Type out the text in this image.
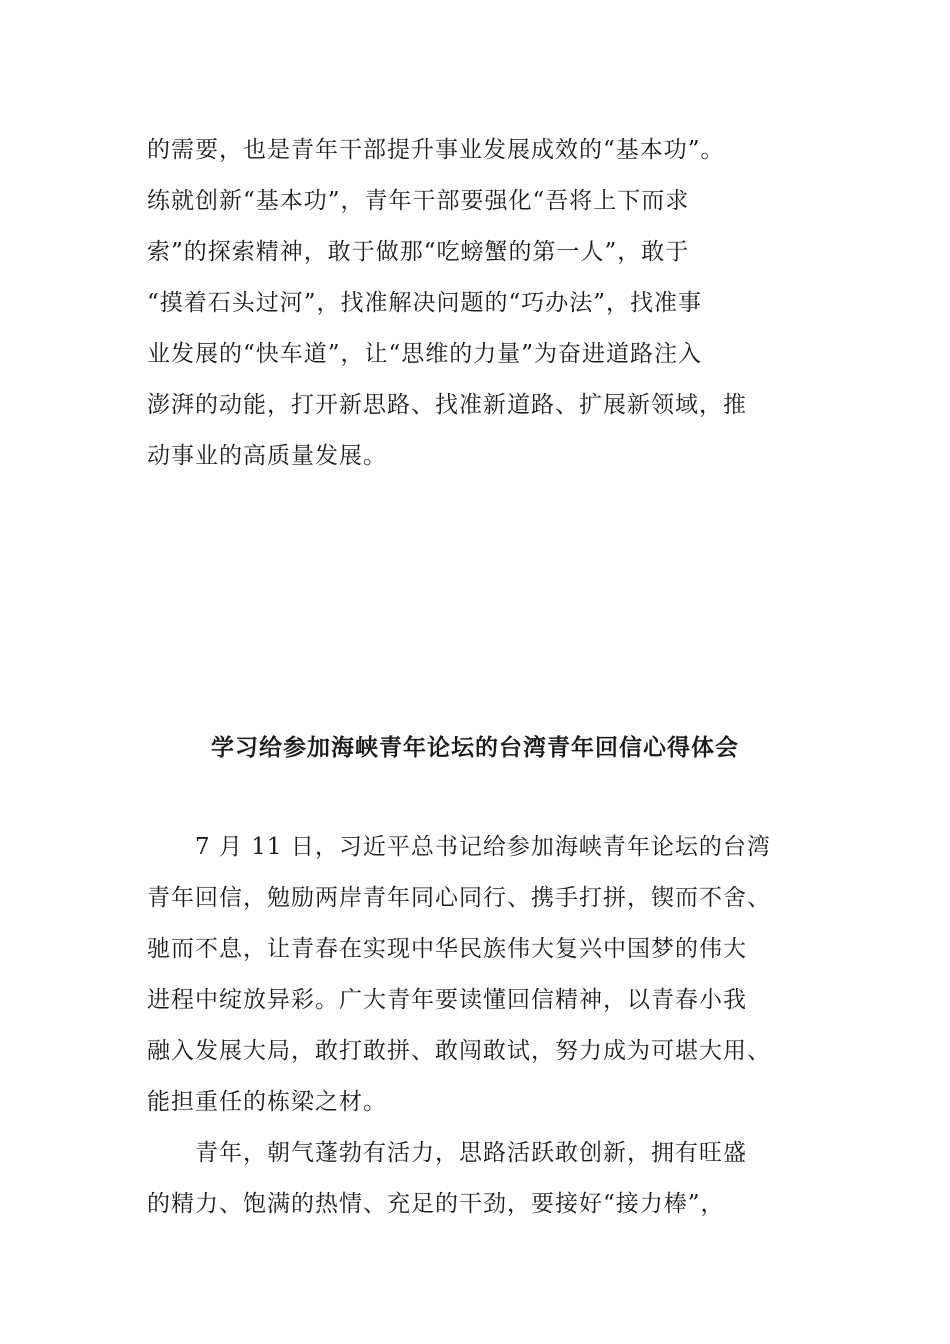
的需要，也是青年干部提升事业发展成效的“基本功”。
练就创新“基本功”，青年干部要强化“吾将上下而求
索”的探索精神，敢于做那“吃螃蟹的第一人”，敢于
“摸着石头过河”，找准解决问题的“巧办法”，找准事
业发展的“快车道”，让“思维的力量”为奋进道路注入
澎湃的动能，打开新思路、找准新道路、扩展新领域，推
动事业的高质量发展。
学习给参加海峡青年论坛的台湾青年回信心得体会
7 月 11 日，习近平总书记给参加海峡青年论坛的台湾
青年回信，勉励两岸青年同心同行、携手打拼，锲而不舍、
驰而不息，让青春在实现中华民族伟大复兴中国梦的伟大
进程中绽放异彩。广大青年要读懂回信精神，以青春小我
融入发展大局，敢打敢拼、敢闯敢试，努力成为可堪大用、
能担重任的栋梁之材。
青年，朝气蓬勃有活力，思路活跃敢创新，拥有旺盛
的精力、饱满的热情、充足的干劲，要接好“接力棒”，
